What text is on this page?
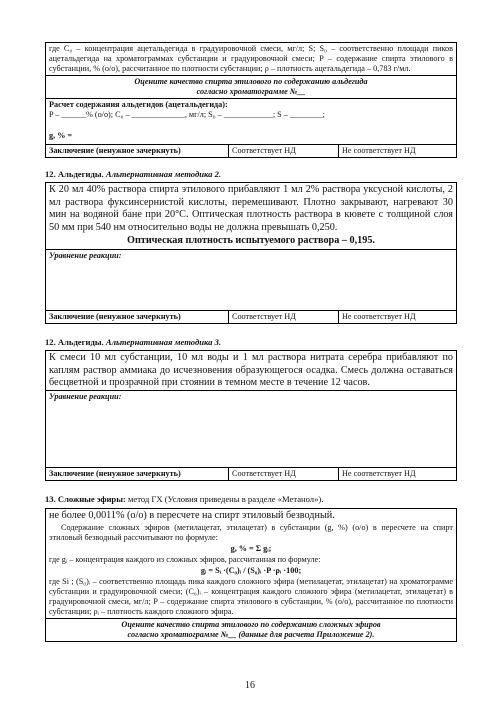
где C₀ – концентрация ацетальдегида в градуировочной смеси, мг/л; S; S₀ – соответственно площади пиков ацетальдегида на хроматограммах субстанции и градуировочной смеси; P – содержание спирта этилового в субстанции, % (о/о), рассчитанное по плотности субстанции; ρ – плотность ацетальдегида – 0,783 г/мл.
Оцените качество спирта этилового по содержанию альдегида
согласно хроматограмме №__
Расчет содержания альдегидов (ацетальдегида):
P – ______% (о/о); C₀ – _____________, мг/л; S₀ – ____________; S – ________;
g, % =
Заключение (ненужное зачеркнуть)	Соответствует НД	Не соответствует НД
12. Альдегиды. Альтернативная методика 2.
К 20 мл 40% раствора спирта этилового прибавляют 1 мл 2% раствора уксусной кислоты, 2 мл раствора фуксинсернистой кислоты, перемешивают. Плотно закрывают, нагревают 30 мин на водяной бане при 20°С. Оптическая плотность раствора в кювете с толщиной слоя 50 мм при 540 нм относительно воды не должна превышать 0,250.
Оптическая плотность испытуемого раствора – 0,195.
Уравнение реакции:
Заключение (ненужное зачеркнуть)	Соответствует НД	Не соответствует НД
12. Альдегиды. Альтернативная методика 3.
К смеси 10 мл субстанции, 10 мл воды и 1 мл раствора нитрата серебра прибавляют по каплям раствор аммиака до исчезновения образующегося осадка. Смесь должна оставаться бесцветной и прозрачной при стоянии в темном месте в течение 12 часов.
Уравнение реакции:
Заключение (ненужное зачеркнуть)	Соответствует НД	Не соответствует НД
13. Сложные эфиры: метод ГХ (Условия приведены в разделе «Метанол»).
не более 0,0011% (о/о) в пересчете на спирт этиловый безводный.
Содержание сложных эфиров (метилацетат, этилацетат) в субстанции (g, %) (о/о) в пересчете на спирт этиловый безводный рассчитывают по формуле:
g, % = Σ gᵢ;
где gᵢ – концентрация каждого из сложных эфиров, рассчитанная по формуле:
gᵢ = Sᵢ ·(C₀)ᵢ / (S₀)ᵢ ·P ·ρᵢ ·100;
где Si ; (S₀)ᵢ – соответственно площадь пика каждого сложного эфира (метилацетат, этилацетат) на хроматограмме субстанции и градуировочной смеси; (C₀)ᵢ – концентрация каждого сложного эфира (метилацетат, этилацетат) в градуировочной смеси, мг/л; P – содержание спирта этилового в субстанции, % (о/о), рассчитанное по плотности субстанции; ρᵢ – плотность каждого сложного эфира.
Оцените качество спирта этилового по содержанию сложных эфиров
согласно хроматограмме №__ (данные для расчета Приложение 2).
16
